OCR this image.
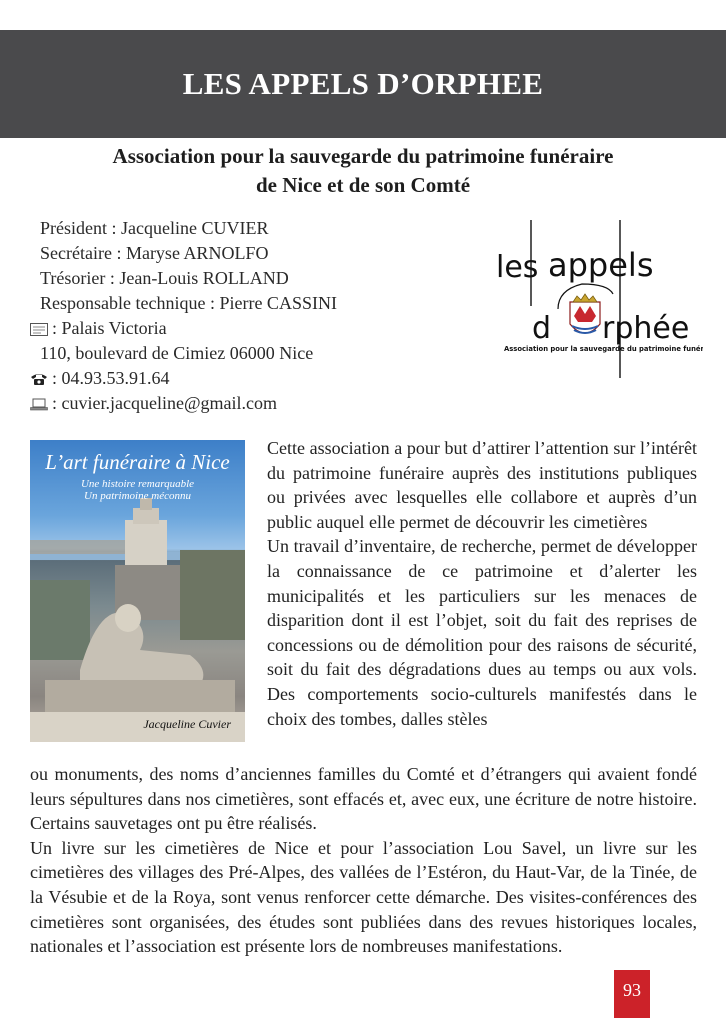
LES APPELS D’ORPHEE
Association pour la sauvegarde du patrimoine funéraire
de Nice et de son Comté
Président : Jacqueline CUVIER
Secrétaire : Maryse ARNOLFO
Trésorier : Jean-Louis ROLLAND
Responsable technique : Pierre CASSINI
: Palais Victoria
110, boulevard de Cimiez 06000 Nice
: 04.93.53.91.64
: cuvier.jacqueline@gmail.com
les appels
d rphée
Association pour la sauvegarde du patrimoine funéraire
L’art funéraire à Nice
Une histoire remarquable
Un patrimoine méconnu
Jacqueline Cuvier

Cette association a pour but d’attirer l’attention sur l’intérêt du patrimoine funéraire auprès des institutions publiques ou privées avec lesquelles elle collabore et auprès d’un public auquel elle permet de découvrir les cimetières

Un travail d’inventaire, de recherche, permet de développer la connaissance de ce patrimoine et d’alerter les municipalités et les particuliers sur les menaces de disparition dont il est l’objet, soit du fait des reprises de concessions ou de démolition pour des raisons de sécurité, soit du fait des dégradations dues au temps ou aux vols. Des comportements socio-culturels manifestés dans le choix des tombes, dalles stèles

ou monuments, des noms d’anciennes familles du Comté et d’étrangers qui avaient fondé leurs sépultures dans nos cimetières, sont effacés et, avec eux, une écriture de notre histoire. Certains sauvetages ont pu être réalisés.

Un livre sur les cimetières de Nice et pour l’association Lou Savel, un livre sur les cimetières des villages des Pré-Alpes, des vallées de l’Estéron, du Haut-Var, de la Tinée, de la Vésubie et de la Roya, sont venus renforcer cette démarche. Des visites-conférences des cimetières sont organisées, des études sont publiées dans des revues historiques locales, nationales et l’association est présente lors de nombreuses manifestations.

93
